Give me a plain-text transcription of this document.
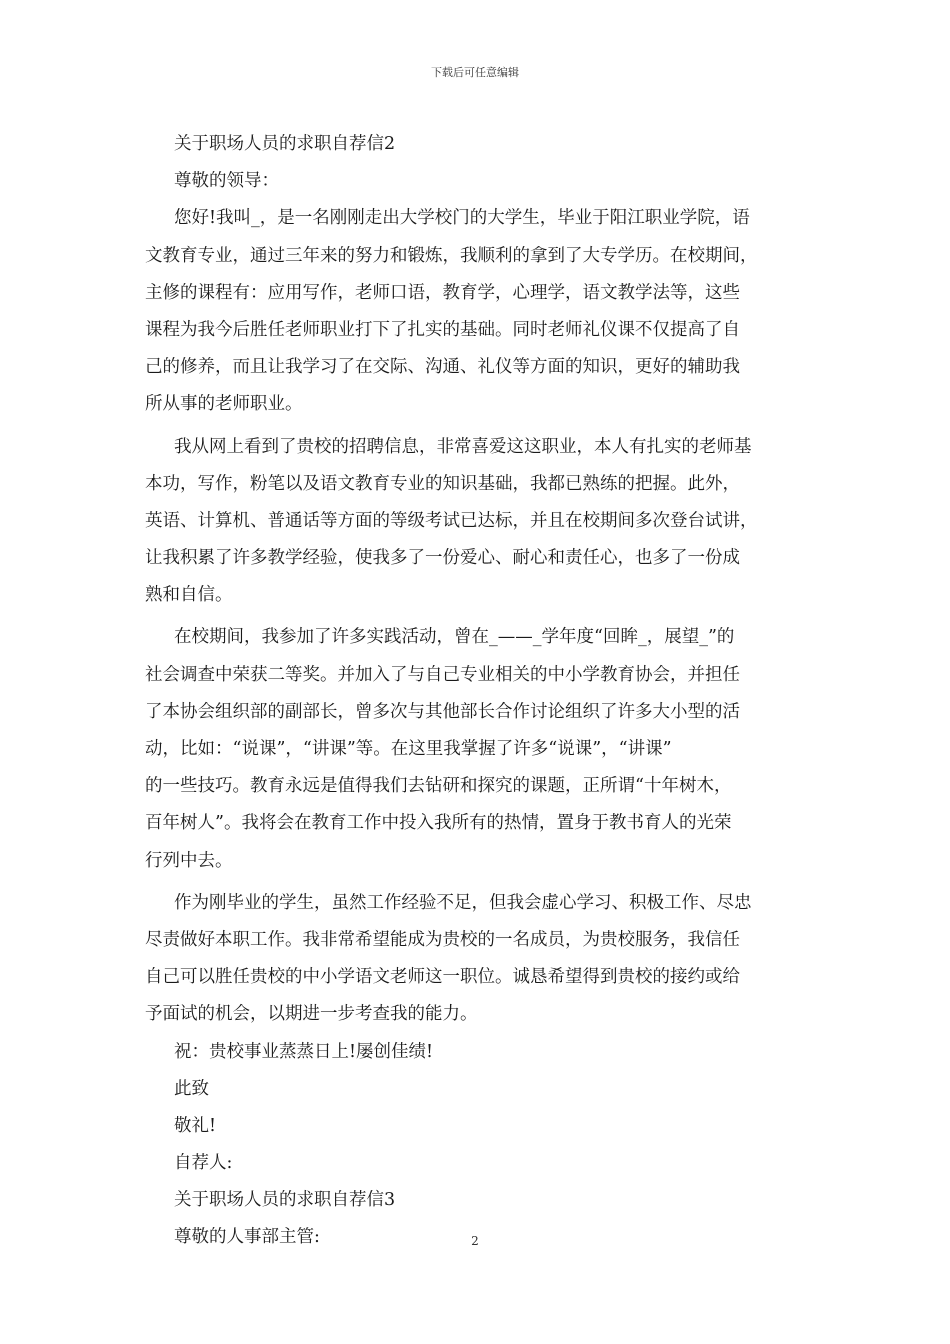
下载后可任意编辑
关于职场人员的求职自荐信2
尊敬的领导：
您好!我叫_，是一名刚刚走出大学校门的大学生，毕业于阳江职业学院，语
文教育专业，通过三年来的努力和锻炼，我顺利的拿到了大专学历。在校期间，
主修的课程有：应用写作，老师口语，教育学，心理学，语文教学法等，这些
课程为我今后胜任老师职业打下了扎实的基础。同时老师礼仪课不仅提高了自
己的修养，而且让我学习了在交际、沟通、礼仪等方面的知识，更好的辅助我
所从事的老师职业。
我从网上看到了贵校的招聘信息，非常喜爱这这职业，本人有扎实的老师基
本功，写作，粉笔以及语文教育专业的知识基础，我都已熟练的把握。此外，
英语、计算机、普通话等方面的等级考试已达标，并且在校期间多次登台试讲，
让我积累了许多教学经验，使我多了一份爱心、耐心和责任心，也多了一份成
熟和自信。
在校期间，我参加了许多实践活动，曾在_——_学年度“回眸_，展望_”的
社会调查中荣获二等奖。并加入了与自己专业相关的中小学教育协会，并担任
了本协会组织部的副部长，曾多次与其他部长合作讨论组织了许多大小型的活
动，比如：“说课”，“讲课”等。在这里我掌握了许多“说课”，“讲课”
的一些技巧。教育永远是值得我们去钻研和探究的课题，正所谓“十年树木，
百年树人”。我将会在教育工作中投入我所有的热情，置身于教书育人的光荣
行列中去。
作为刚毕业的学生，虽然工作经验不足，但我会虚心学习、积极工作、尽忠
尽责做好本职工作。我非常希望能成为贵校的一名成员，为贵校服务，我信任
自己可以胜任贵校的中小学语文老师这一职位。诚恳希望得到贵校的接约或给
予面试的机会，以期进一步考查我的能力。
祝：贵校事业蒸蒸日上!屡创佳绩!
此致
敬礼!
自荐人:
关于职场人员的求职自荐信3
尊敬的人事部主管:	2
